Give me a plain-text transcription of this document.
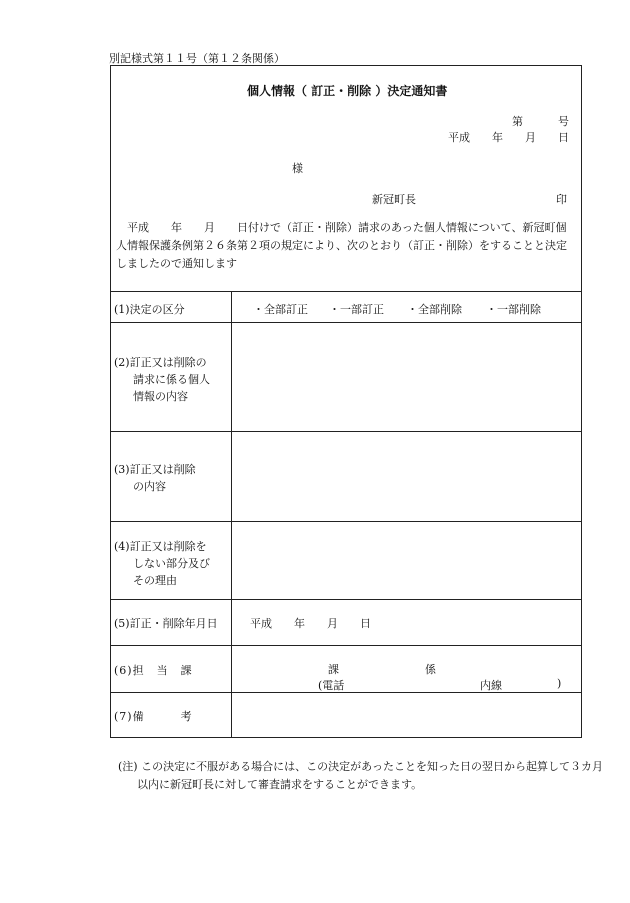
別記様式第１１号（第１２条関係）
個人情報（ 訂正・削除 ）決定通知書
第	号
平成 年 月 日
様
新冠町長	印
平成　　年　　月　　日付けで（訂正・削除）請求のあった個人情報について、新冠町個人情報保護条例第２６条第２項の規定により、次のとおり（訂正・削除）をすることと決定しましたので通知します
(1)決定の区分	・全部訂正 ・一部訂正 ・全部削除 ・一部削除
(2)訂正又は削除の
請求に係る個人
情報の内容
(3)訂正又は削除
の内容
(4)訂正又は削除を
しない部分及び
その理由
(5)訂正・削除年月日	平成 年 月 日
(6)担　当　課	課	係
(電話	内線	)
(7)備　　　考
(注) この決定に不服がある場合には、この決定があったことを知った日の翌日から起算して３カ月以内に新冠町長に対して審査請求をすることができます。
